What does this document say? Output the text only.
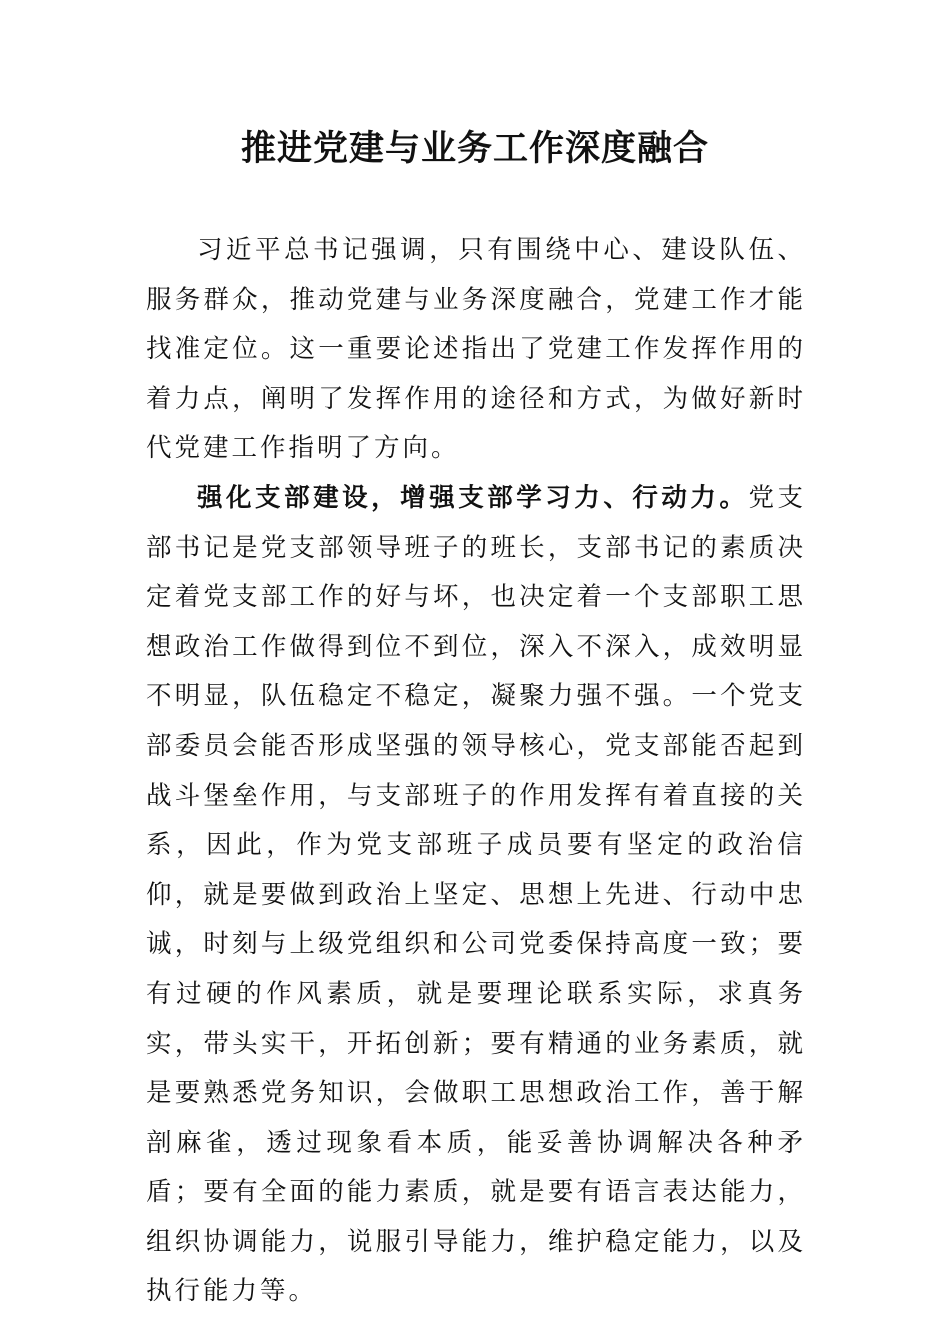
推进党建与业务工作深度融合

习近平总书记强调，只有围绕中心、建设队伍、服务群众，推动党建与业务深度融合，党建工作才能找准定位。这一重要论述指出了党建工作发挥作用的着力点，阐明了发挥作用的途径和方式，为做好新时代党建工作指明了方向。

强化支部建设，增强支部学习力、行动力。党支部书记是党支部领导班子的班长，支部书记的素质决定着党支部工作的好与坏，也决定着一个支部职工思想政治工作做得到位不到位，深入不深入，成效明显不明显，队伍稳定不稳定，凝聚力强不强。一个党支部委员会能否形成坚强的领导核心，党支部能否起到战斗堡垒作用，与支部班子的作用发挥有着直接的关系，因此，作为党支部班子成员要有坚定的政治信仰，就是要做到政治上坚定、思想上先进、行动中忠诚，时刻与上级党组织和公司党委保持高度一致；要有过硬的作风素质，就是要理论联系实际，求真务实，带头实干，开拓创新；要有精通的业务素质，就是要熟悉党务知识，会做职工思想政治工作，善于解剖麻雀，透过现象看本质，能妥善协调解决各种矛盾；要有全面的能力素质，就是要有语言表达能力，组织协调能力，说服引导能力，维护稳定能力，以及执行能力等。
